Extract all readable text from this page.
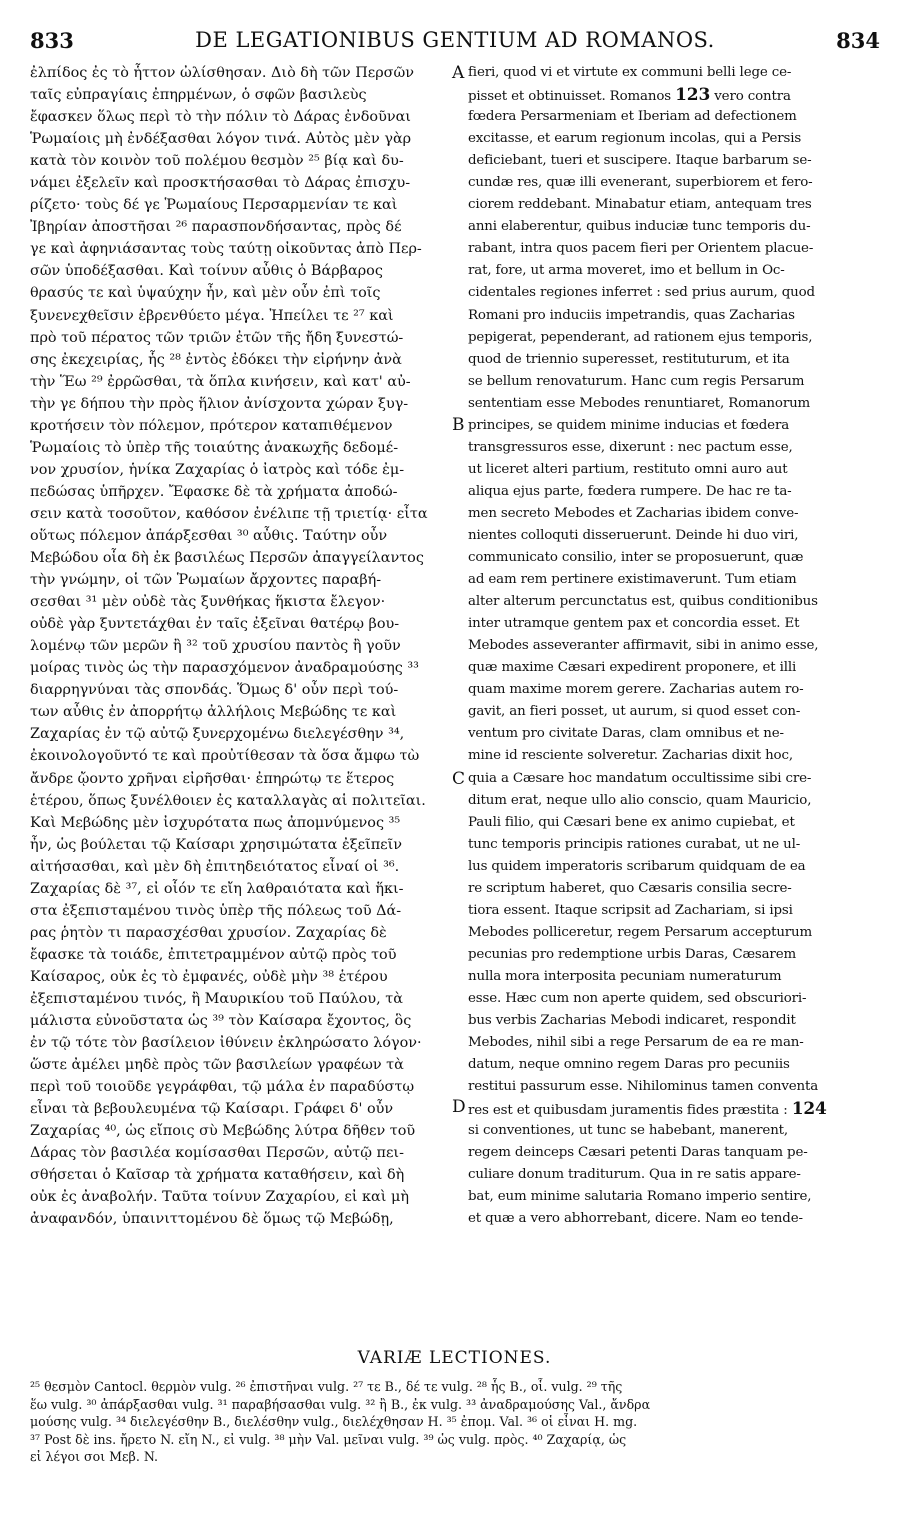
833	DE LEGATIONIBUS GENTIUM AD ROMANOS.	834
ἐλπίδος ἐς τὸ ἧττον ὠλίσθησαν. Διὸ δὴ τῶν Περσῶν
ταῖς εὐπραγίαις ἐπηρμένων, ὁ σφῶν βασιλεὺς
ἔφασκεν ὅλως περὶ τὸ τὴν πόλιν τὸ Δάρας ἐνδοῦναι
Ῥωμαίοις μὴ ἐνδέξασθαι λόγον τινά. Αὐτὸς μὲν γὰρ
κατὰ τὸν κοινὸν τοῦ πολέμου θεσμὸν ²⁵ βίᾳ καὶ δυ-
νάμει ἐξελεῖν καὶ προσκτήσασθαι τὸ Δάρας ἐπισχυ-
ρίζετο· τοὺς δέ γε Ῥωμαίους Περσαρμενίαν τε καὶ
Ἰβηρίαν ἀποστῆσαι ²⁶ παρασπονδήσαντας, πρὸς δέ
γε καὶ ἀφηνιάσαντας τοὺς ταύτῃ οἰκοῦντας ἀπὸ Περ-
σῶν ὑποδέξασθαι. Καὶ τοίνυν αὖθις ὁ Βάρβαρος
θρασύς τε καὶ ὑψαύχην ἦν, καὶ μὲν οὖν ἐπὶ τοῖς
ξυνενεχθεῖσιν ἐβρενθύετο μέγα. Ἠπείλει τε ²⁷ καὶ
πρὸ τοῦ πέρατος τῶν τριῶν ἐτῶν τῆς ἤδη ξυνεστώ-
σης ἐκεχειρίας, ἧς ²⁸ ἐντὸς ἐδόκει τὴν εἰρήνην ἀνὰ
τὴν Ἕω ²⁹ ἐρρῶσθαι, τὰ ὅπλα κινήσειν, καὶ κατ' αὐ-
τὴν γε δήπου τὴν πρὸς ἥλιον ἀνίσχοντα χώραν ξυγ-
κροτήσειν τὸν πόλεμον, πρότερον καταπιθέμενον
Ῥωμαίοις τὸ ὑπὲρ τῆς τοιαύτης ἀνακωχῆς δεδομέ-
νον χρυσίον, ἡνίκα Ζαχαρίας ὁ ἰατρὸς καὶ τόδε ἐμ-
πεδώσας ὑπῆρχεν. Ἔφασκε δὲ τὰ χρήματα ἀποδώ-
σειν κατὰ τοσοῦτον, καθόσον ἐνέλιπε τῇ τριετίᾳ· εἶτα
οὕτως πόλεμον ἀπάρξεσθαι ³⁰ αὖθις. Ταύτην οὖν
Μεβώδου οἷα δὴ ἐκ βασιλέως Περσῶν ἀπαγγείλαντος
τὴν γνώμην, οἱ τῶν Ῥωμαίων ἄρχοντες παραβή-
σεσθαι ³¹ μὲν οὐδὲ τὰς ξυνθήκας ἥκιστα ἔλεγον·
οὐδὲ γὰρ ξυντετάχθαι ἐν ταῖς ἐξεῖναι θατέρῳ βου-
λομένῳ τῶν μερῶν ἢ ³² τοῦ χρυσίου παντὸς ἢ γοῦν
μοίρας τινὸς ὡς τὴν παρασχόμενον ἀναδραμούσης ³³
διαρρηγνύναι τὰς σπονδάς. Ὅμως δ' οὖν περὶ τού-
των αὖθις ἐν ἀπορρήτῳ ἀλλήλοις Μεβώδης τε καὶ
Ζαχαρίας ἐν τῷ αὐτῷ ξυνερχομένω διελεγέσθην ³⁴,
ἐκοινολογοῦντό τε καὶ προὐτίθεσαν τὰ ὅσα ἄμφω τὼ
ἄνδρε ᾤοντο χρῆναι εἰρῆσθαι· ἐπηρώτῳ τε ἕτερος
ἑτέρου, ὅπως ξυνέλθοιεν ἐς καταλλαγὰς αἱ πολιτεῖαι.
Καὶ Μεβώδης μὲν ἰσχυρότατα πως ἀπομνύμενος ³⁵
ἦν, ὡς βούλεται τῷ Καίσαρι χρησιμώτατα ἐξεῖπεῖν
αἰτήσασθαι, καὶ μὲν δὴ ἐπιτηδειότατος εἶναί οἱ ³⁶.
Ζαχαρίας δὲ ³⁷, εἰ οἷόν τε εἴη λαθραιότατα καὶ ἥκι-
στα ἐξεπισταμένου τινὸς ὑπὲρ τῆς πόλεως τοῦ Δά-
ρας ῥητὸν τι παρασχέσθαι χρυσίον. Ζαχαρίας δὲ
ἔφασκε τὰ τοιάδε, ἐπιτετραμμένον αὐτῷ πρὸς τοῦ
Καίσαρος, οὐκ ἐς τὸ ἐμφανές, οὐδὲ μὴν ³⁸ ἑτέρου
ἐξεπισταμένου τινός, ἢ Μαυρικίου τοῦ Παύλου, τὰ
μάλιστα εὐνοῦστατα ὡς ³⁹ τὸν Καίσαρα ἔχοντος, ὃς
ἐν τῷ τότε τὸν βασίλειον ἰθύνειν ἐκληρώσατο λόγον·
ὥστε ἀμέλει μηδὲ πρὸς τῶν βασιλείων γραφέων τὰ
περὶ τοῦ τοιοῦδε γεγράφθαι, τῷ μάλα ἐν παραδύστῳ
εἶναι τὰ βεβουλευμένα τῷ Καίσαρι. Γράφει δ' οὖν
Ζαχαρίας ⁴⁰, ὡς εἴποις σὺ Μεβώδης λύτρα δῆθεν τοῦ
Δάρας τὸν βασιλέα κομίσασθαι Περσῶν, αὐτῷ πει-
σθήσεται ὁ Καῖσαρ τὰ χρήματα καταθήσειν, καὶ δὴ
οὐκ ἐς ἀναβολήν. Ταῦτα τοίνυν Ζαχαρίου, εἰ καὶ μὴ
ἀναφανδόν, ὑπαινιττομένου δὲ ὅμως τῷ Μεβώδῃ,
fieri, quod vi et virtute ex communi belli lege ce-
pisset et obtinuisset. Romanos 123 vero contra
fœdera Persarmeniam et Iberiam ad defectionem
excitasse, et earum regionum incolas, qui a Persis
deficiebant, tueri et suscipere. Itaque barbarum se-
cundæ res, quæ illi evenerant, superbiorem et fero-
ciorem reddebant. Minabatur etiam, antequam tres
anni elaberentur, quibus induciæ tunc temporis du-
rabant, intra quos pacem fieri per Orientem placue-
rat, fore, ut arma moveret, imo et bellum in Oc-
cidentales regiones inferret : sed prius aurum, quod
Romani pro induciis impetrandis, quas Zacharias
pepigerat, pependerant, ad rationem ejus temporis,
quod de triennio superesset, restituturum, et ita
se bellum renovaturum. Hanc cum regis Persarum
sententiam esse Mebodes renuntiaret, Romanorum
principes, se quidem minime inducias et fœdera
transgressuros esse, dixerunt : nec pactum esse,
ut liceret alteri partium, restituto omni auro aut
aliqua ejus parte, fœdera rumpere. De hac re ta-
men secreto Mebodes et Zacharias ibidem conve-
nientes colloquti disseruerunt. Deinde hi duo viri,
communicato consilio, inter se proposuerunt, quæ
ad eam rem pertinere existimaverunt. Tum etiam
alter alterum percunctatus est, quibus conditionibus
inter utramque gentem pax et concordia esset. Et
Mebodes asseveranter affirmavit, sibi in animo esse,
quæ maxime Cæsari expedirent proponere, et illi
quam maxime morem gerere. Zacharias autem ro-
gavit, an fieri posset, ut aurum, si quod esset con-
ventum pro civitate Daras, clam omnibus et ne-
mine id resciente solveretur. Zacharias dixit hoc,
quia a Cæsare hoc mandatum occultissime sibi cre-
ditum erat, neque ullo alio conscio, quam Mauricio,
Pauli filio, qui Cæsari bene ex animo cupiebat, et
tunc temporis principis rationes curabat, ut ne ul-
lus quidem imperatoris scribarum quidquam de ea
re scriptum haberet, quo Cæsaris consilia secre-
tiora essent. Itaque scripsit ad Zachariam, si ipsi
Mebodes polliceretur, regem Persarum accepturum
pecunias pro redemptione urbis Daras, Cæsarem
nulla mora interposita pecuniam numeraturum
esse. Hæc cum non aperte quidem, sed obscuriori-
bus verbis Zacharias Mebodi indicaret, respondit
Mebodes, nihil sibi a rege Persarum de ea re man-
datum, neque omnino regem Daras pro pecuniis
restitui passurum esse. Nihilominus tamen conventa
res est et quibusdam juramentis fides præstita : 124
si conventiones, ut tunc se habebant, manerent,
regem deinceps Cæsari petenti Daras tanquam pe-
culiare donum traditurum. Qua in re satis appare-
bat, eum minime salutaria Romano imperio sentire,
et quæ a vero abhorrebant, dicere. Nam eo tende-
A
B
C
D
VARIÆ LECTIONES.
²⁵ θεσμὸν Cantocl. θερμὸν vulg. ²⁶ ἐπιστῆναι vulg. ²⁷ τε B., δέ τε vulg. ²⁸ ἧς B., οἷ. vulg. ²⁹ τῆς
ἕω vulg. ³⁰ ἀπάρξασθαι vulg. ³¹ παραβήσασθαι vulg. ³² ἢ B., ἐκ vulg. ³³ ἀναδραμούσης Val., ἄνδρα
μούσης vulg. ³⁴ διελεγέσθην B., διελέσθην vulg., διελέχθησαν H. ³⁵ ἐπομ. Val. ³⁶ οἱ εἶναι H. mg.
³⁷ Post δὲ ins. ἤρετο N. εἴη N., εἰ vulg. ³⁸ μὴν Val. μεῖναι vulg. ³⁹ ὡς vulg. πρὸς. ⁴⁰ Ζαχαρίᾳ, ὡς
εἰ λέγοι σοι Μεβ. N.
